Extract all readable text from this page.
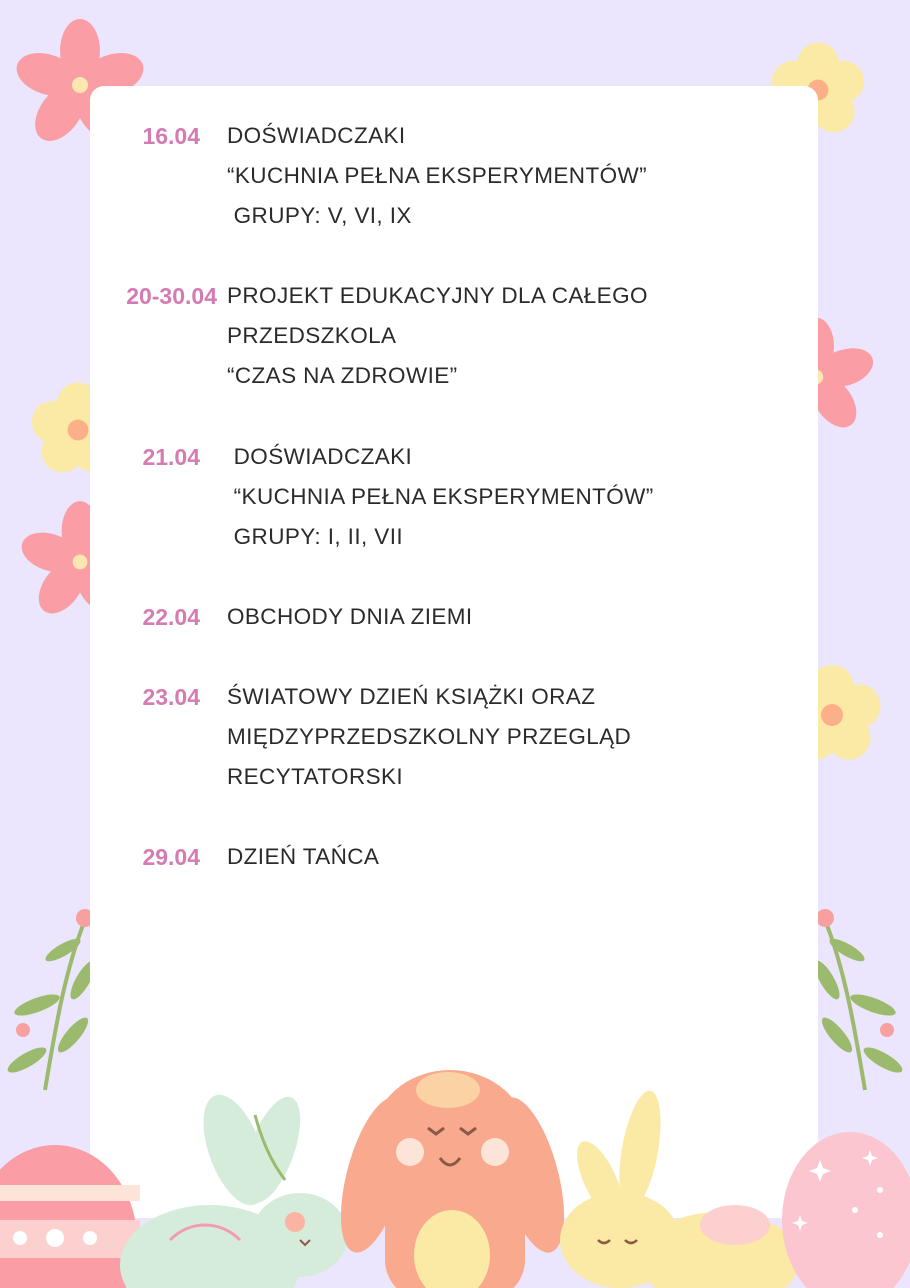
16.04 DOŚWIADCZAKI
“KUCHNIA PEŁNA EKSPERYMENTÓW”
GRUPY: V, VI, IX
20-30.04 PROJEKT EDUKACYJNY DLA CAŁEGO
PRZEDSZKOLA
“CZAS NA ZDROWIE”
21.04 DOŚWIADCZAKI
“KUCHNIA PEŁNA EKSPERYMENTÓW”
GRUPY: I, II, VII
22.04 OBCHODY DNIA ZIEMI
23.04 ŚWIATOWY DZIEŃ KSIĄŻKI ORAZ
MIĘDZYPRZEDSZKOLNY PRZEGLĄD
RECYTATORSKI
29.04 DZIEŃ TAŃCA
